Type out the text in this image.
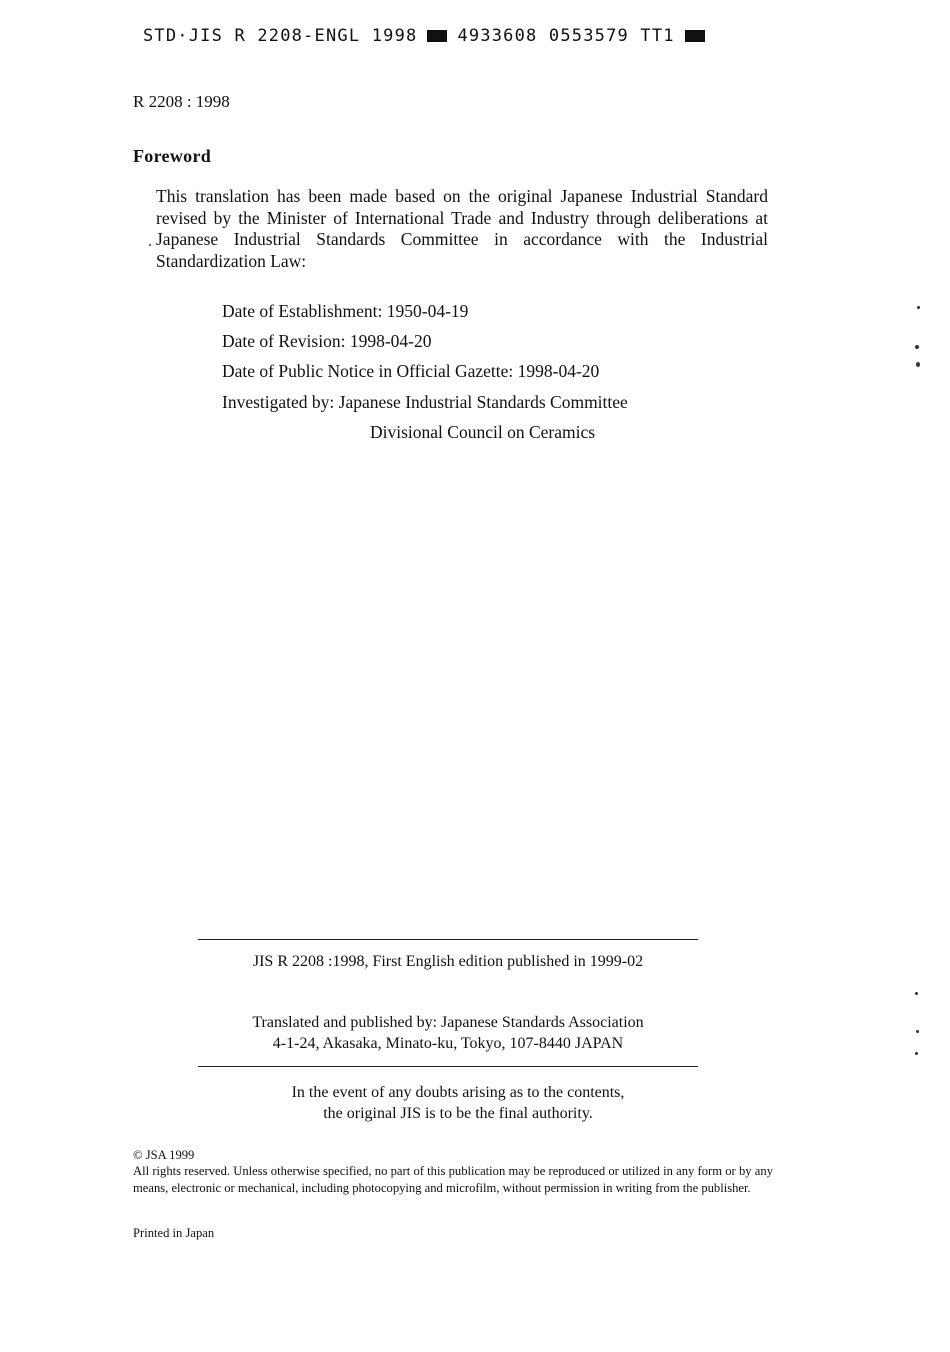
STD·JIS R 2208-ENGL 1998 4933608 0553579 TT1
R 2208 : 1998
Foreword
This translation has been made based on the original Japanese Industrial Standard revised by the Minister of International Trade and Industry through deliberations at Japanese Industrial Standards Committee in accordance with the Industrial Standardization Law:
Date of Establishment: 1950-04-19
Date of Revision: 1998-04-20
Date of Public Notice in Official Gazette: 1998-04-20
Investigated by: Japanese Industrial Standards Committee
Divisional Council on Ceramics
JIS R 2208 :1998, First English edition published in 1999-02
Translated and published by: Japanese Standards Association
4-1-24, Akasaka, Minato-ku, Tokyo, 107-8440 JAPAN
In the event of any doubts arising as to the contents,
the original JIS is to be the final authority.
© JSA 1999
All rights reserved. Unless otherwise specified, no part of this publication may be reproduced or utilized in any form or by any means, electronic or mechanical, including photocopying and microfilm, without permission in writing from the publisher.
Printed in Japan
